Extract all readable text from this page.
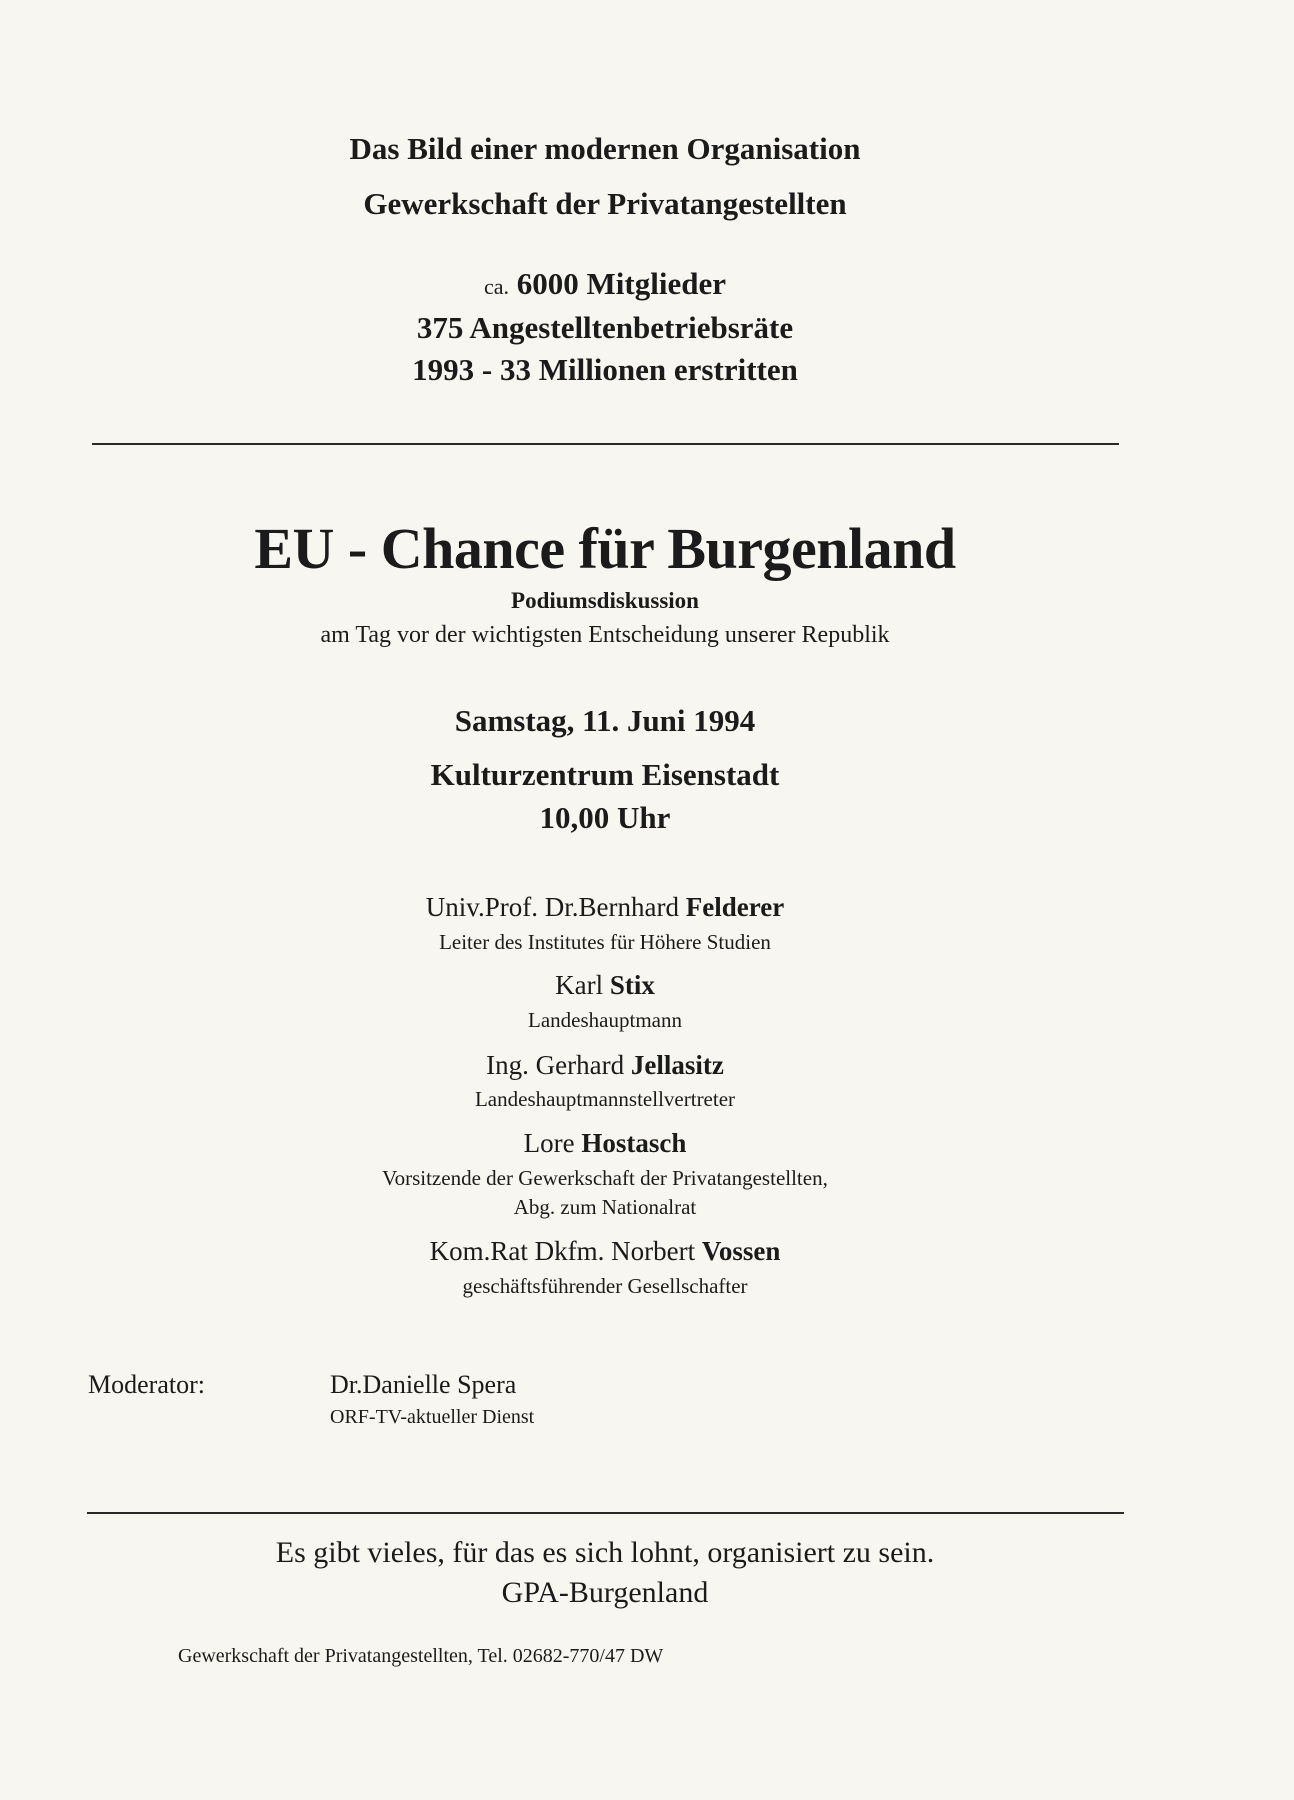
Das Bild einer modernen Organisation
Gewerkschaft der Privatangestellten
ca. 6000 Mitglieder
375 Angestelltenbetriebsräte
1993 - 33 Millionen erstritten
EU - Chance für Burgenland
Podiumsdiskussion
am Tag vor der wichtigsten Entscheidung unserer Republik
Samstag, 11. Juni 1994
Kulturzentrum Eisenstadt
10,00 Uhr
Univ.Prof. Dr.Bernhard Felderer
Leiter des Institutes für Höhere Studien
Karl Stix
Landeshauptmann
Ing. Gerhard Jellasitz
Landeshauptmannstellvertreter
Lore Hostasch
Vorsitzende der Gewerkschaft der Privatangestellten,
Abg. zum Nationalrat
Kom.Rat Dkfm. Norbert Vossen
geschäftsführender Gesellschafter
Moderator:	Dr.Danielle Spera
ORF-TV-aktueller Dienst
Es gibt vieles, für das es sich lohnt, organisiert zu sein.
GPA-Burgenland
Gewerkschaft der Privatangestellten, Tel. 02682-770/47 DW
